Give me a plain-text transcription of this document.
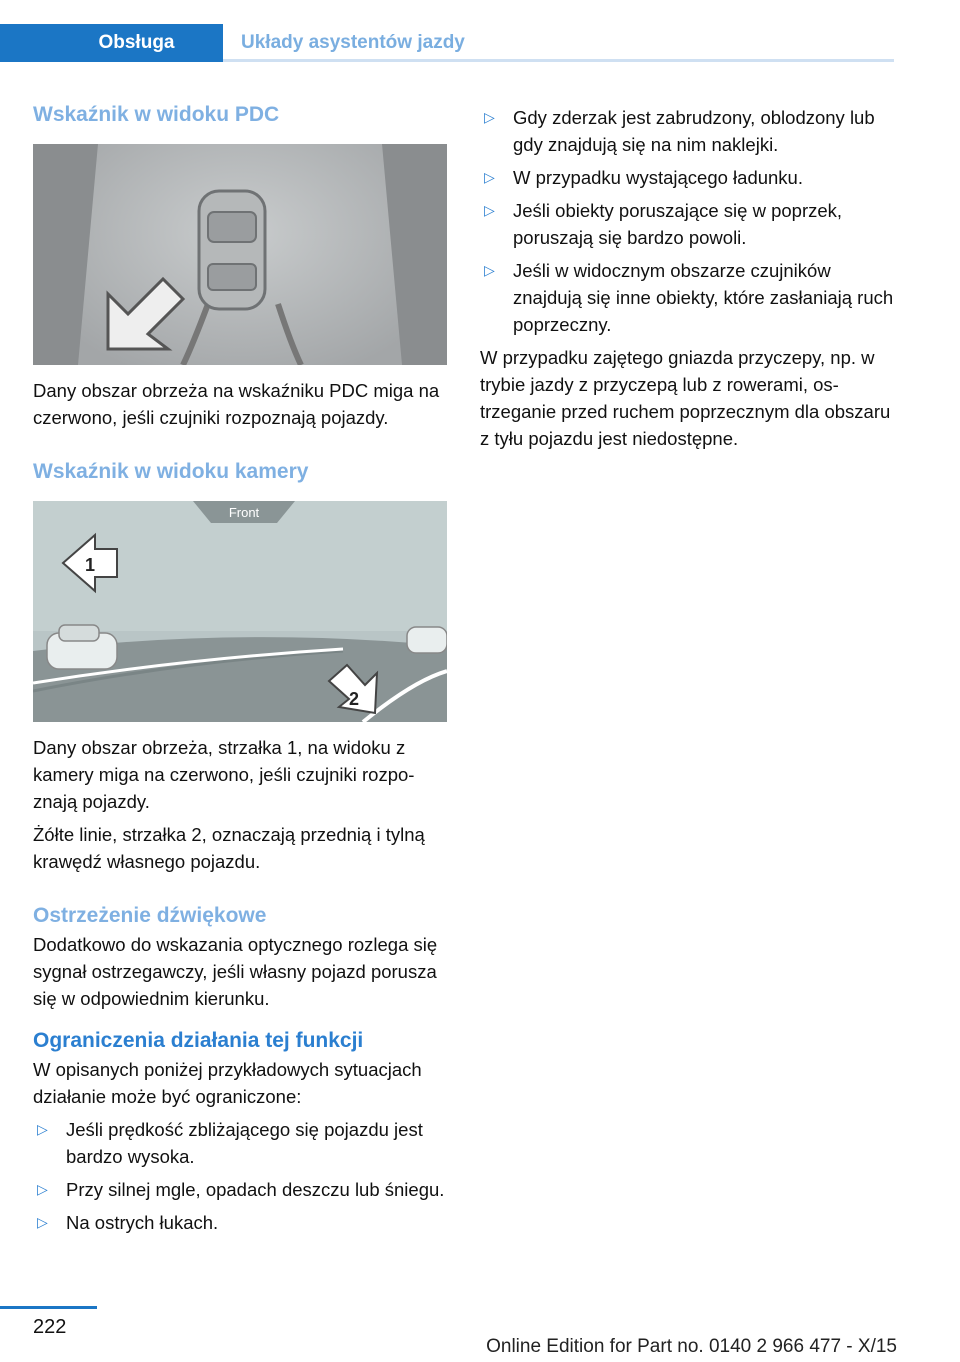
Obsługa	Układy asystentów jazdy
Wskaźnik w widoku PDC

Dany obszar obrzeża na wskaźniku PDC miga na czerwono, jeśli czujniki rozpoznają pojazdy.

Wskaźnik w widoku kamery
Front
1
2

Dany obszar obrzeża, strzałka 1, na widoku z kamery miga na czerwono, jeśli czujniki rozpoznają pojazdy.

Żółte linie, strzałka 2, oznaczają przednią i tylną krawędź własnego pojazdu.

Ostrzeżenie dźwiękowe

Dodatkowo do wskazania optycznego rozlega się sygnał ostrzegawczy, jeśli własny pojazd porusza się w odpowiednim kierunku.

Ograniczenia działania tej funkcji

W opisanych poniżej przykładowych sytuacjach działanie może być ograniczone:

▷ Jeśli prędkość zbliżającego się pojazdu jest bardzo wysoka.
▷ Przy silnej mgle, opadach deszczu lub śniegu.
▷ Na ostrych łukach.
▷ Gdy zderzak jest zabrudzony, oblodzony lub gdy znajdują się na nim naklejki.
▷ W przypadku wystającego ładunku.
▷ Jeśli obiekty poruszające się w poprzek, poruszają się bardzo powoli.
▷ Jeśli w widocznym obszarze czujników znajdują się inne obiekty, które zasłaniają ruch poprzeczny.

W przypadku zajętego gniazda przyczepy, np. w trybie jazdy z przyczepą lub z rowerami, ostrzeganie przed ruchem poprzecznym dla obszaru z tyłu pojazdu jest niedostępne.

222
Online Edition for Part no. 0140 2 966 477 - X/15
